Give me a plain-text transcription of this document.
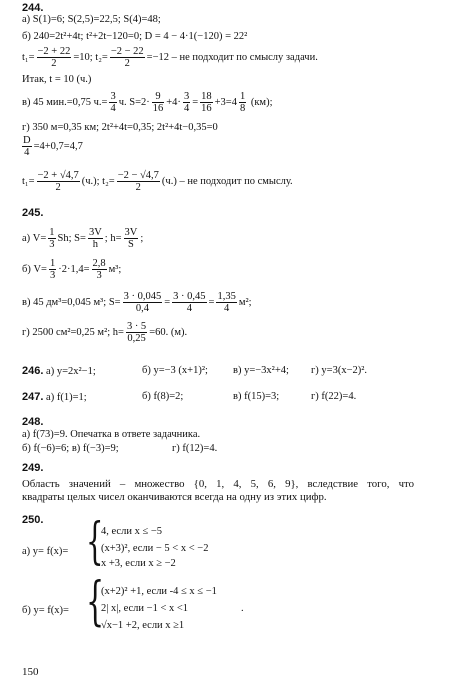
244.
а) S(1)=6; S(2,5)=22,5; S(4)=48;
б) 240=2t²+4t; t²+2t−120=0; D = 4 − 4·1(−120) = 22²
$t_1= \frac{-2 + 22}{2} =10$; $t_2= \frac{-2 - 22}{2} =-12$ – не подходит по смыслу задачи.
Итак, t = 10 (ч.)
в) 45 мин.=0,75 $ч.= \frac{3}{4} ч$. $S=2\cdot \frac{9}{16} +4\cdot \frac{3}{4} = \frac{18}{16} +3=4 \frac{1}{8} (км)$;
г) 350 м=0,35 км; 2t²+4t=0,35; 2t²+4t−0,35=0
$\frac{D}{4} =4+0,7=4,7$
$t_1= \frac{-2 + √4,7}{2} (ч.)$; $t_2= \frac{-2 - √4,7}{2} (ч.)$ – не подходит по смыслу.
245.
а) $V= \frac{1}{3} Sh$; $S= \frac{3V}{h}$ ; $h= \frac{3V}{S}$ ;
б) $V= \frac{1}{3} \cdot 2\cdot 1,4= \frac{2,8}{3} м^3$;
в) 45 дм³=0,045 м³; $S= \frac{3 \cdot 0,045}{0,4} = \frac{3 \cdot 0,45}{4} = \frac{1,35}{4} м^2$;
г) 2500 см²=0,25 м²; $h= \frac{3 \cdot 5}{0,25} =60$. (м).
246. а) y=2x²−1;	б) y=−3 (x+1)²; в) y=−3x²+4; г) y=3(x−2)².
247. а) f(1)=1;	б) f(8)=2;	в) f(15)=3;	г) f(22)=4.
248.
а) f(73)=9. Опечатка в ответе задачника.
б) f(−6)=6; в) f(−3)=9;	г) f(12)=4.
249.
Область значений – множество {0, 1, 4, 5, 6, 9}, вследствие того, что
квадраты целых чисел оканчиваются всегда на одну из этих цифр.
250.
а) y= f(x)= {
4, если x ≤ −5
(x+3)², если − 5 < x < −2
x +3, если x ≥ −2
б) y= f(x)= {
(x+2)² +1, если -4 ≤ x ≤ −1
2| x|, если −1 < x <1
√x−1 +2, если x ≥1
.
150
